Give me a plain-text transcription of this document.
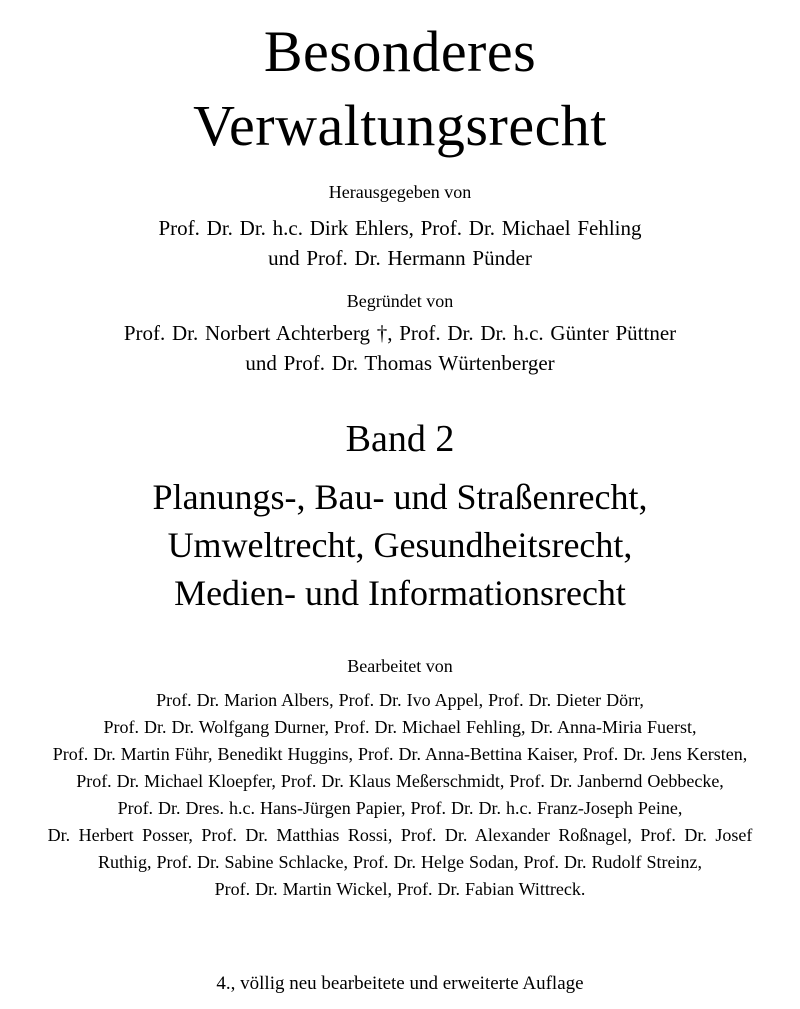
Besonderes
Verwaltungsrecht
Herausgegeben von
Prof. Dr. Dr. h.c. Dirk Ehlers, Prof. Dr. Michael Fehling
und Prof. Dr. Hermann Pünder
Begründet von
Prof. Dr. Norbert Achterberg †, Prof. Dr. Dr. h.c. Günter Püttner
und Prof. Dr. Thomas Würtenberger
Band 2
Planungs-, Bau- und Straßenrecht,
Umweltrecht, Gesundheitsrecht,
Medien- und Informationsrecht
Bearbeitet von
Prof. Dr. Marion Albers, Prof. Dr. Ivo Appel, Prof. Dr. Dieter Dörr,
Prof. Dr. Dr. Wolfgang Durner, Prof. Dr. Michael Fehling, Dr. Anna-Miria Fuerst,
Prof. Dr. Martin Führ, Benedikt Huggins, Prof. Dr. Anna-Bettina Kaiser, Prof. Dr. Jens Kersten,
Prof. Dr. Michael Kloepfer, Prof. Dr. Klaus Meßerschmidt, Prof. Dr. Janbernd Oebbecke,
Prof. Dr. Dres. h.c. Hans-Jürgen Papier, Prof. Dr. Dr. h.c. Franz-Joseph Peine,
Dr. Herbert Posser, Prof. Dr. Matthias Rossi, Prof. Dr. Alexander Roßnagel, Prof. Dr. Josef
Ruthig, Prof. Dr. Sabine Schlacke, Prof. Dr. Helge Sodan, Prof. Dr. Rudolf Streinz,
Prof. Dr. Martin Wickel, Prof. Dr. Fabian Wittreck.
4., völlig neu bearbeitete und erweiterte Auflage
